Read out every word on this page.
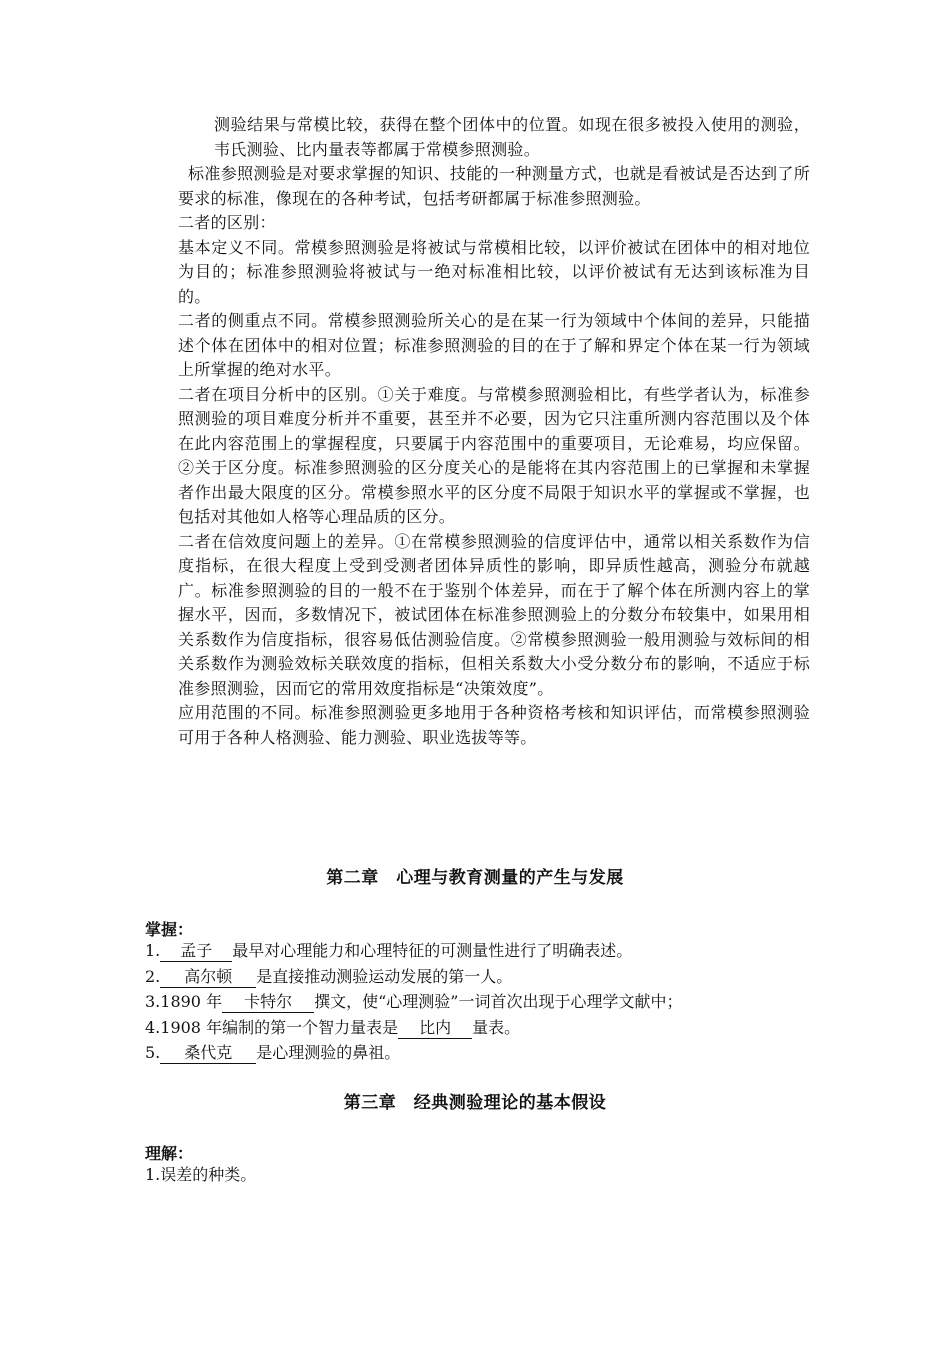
测验结果与常模比较，获得在整个团体中的位置。如现在很多被投入使用的测验，韦氏测验、比内量表等都属于常模参照测验。

标准参照测验是对要求掌握的知识、技能的一种测量方式，也就是看被试是否达到了所要求的标准，像现在的各种考试，包括考研都属于标准参照测验。

二者的区别：

基本定义不同。常模参照测验是将被试与常模相比较，以评价被试在团体中的相对地位为目的；标准参照测验将被试与一绝对标准相比较，以评价被试有无达到该标准为目的。

二者的侧重点不同。常模参照测验所关心的是在某一行为领域中个体间的差异，只能描述个体在团体中的相对位置；标准参照测验的目的在于了解和界定个体在某一行为领域上所掌握的绝对水平。

二者在项目分析中的区别。①关于难度。与常模参照测验相比，有些学者认为，标准参照测验的项目难度分析并不重要，甚至并不必要，因为它只注重所测内容范围以及个体在此内容范围上的掌握程度，只要属于内容范围中的重要项目，无论难易，均应保留。②关于区分度。标准参照测验的区分度关心的是能将在其内容范围上的已掌握和未掌握者作出最大限度的区分。常模参照水平的区分度不局限于知识水平的掌握或不掌握，也包括对其他如人格等心理品质的区分。

二者在信效度问题上的差异。①在常模参照测验的信度评估中，通常以相关系数作为信度指标，在很大程度上受到受测者团体异质性的影响，即异质性越高，测验分布就越广。标准参照测验的目的一般不在于鉴别个体差异，而在于了解个体在所测内容上的掌握水平，因而，多数情况下，被试团体在标准参照测验上的分数分布较集中，如果用相关系数作为信度指标，很容易低估测验信度。②常模参照测验一般用测验与效标间的相关系数作为测验效标关联效度的指标，但相关系数大小受分数分布的影响，不适应于标准参照测验，因而它的常用效度指标是“决策效度”。

应用范围的不同。标准参照测验更多地用于各种资格考核和知识评估，而常模参照测验可用于各种人格测验、能力测验、职业选拔等等。

第二章　心理与教育测量的产生与发展
掌握：
1. 孟子 最早对心理能力和心理特征的可测量性进行了明确表述。
2. 高尔顿 是直接推动测验运动发展的第一人。
3.1890 年 卡特尔 撰文，使“心理测验”一词首次出现于心理学文献中；
4.1908 年编制的第一个智力量表是 比内 量表。
5. 桑代克 是心理测验的鼻祖。
第三章　经典测验理论的基本假设
理解：
1.误差的种类。
